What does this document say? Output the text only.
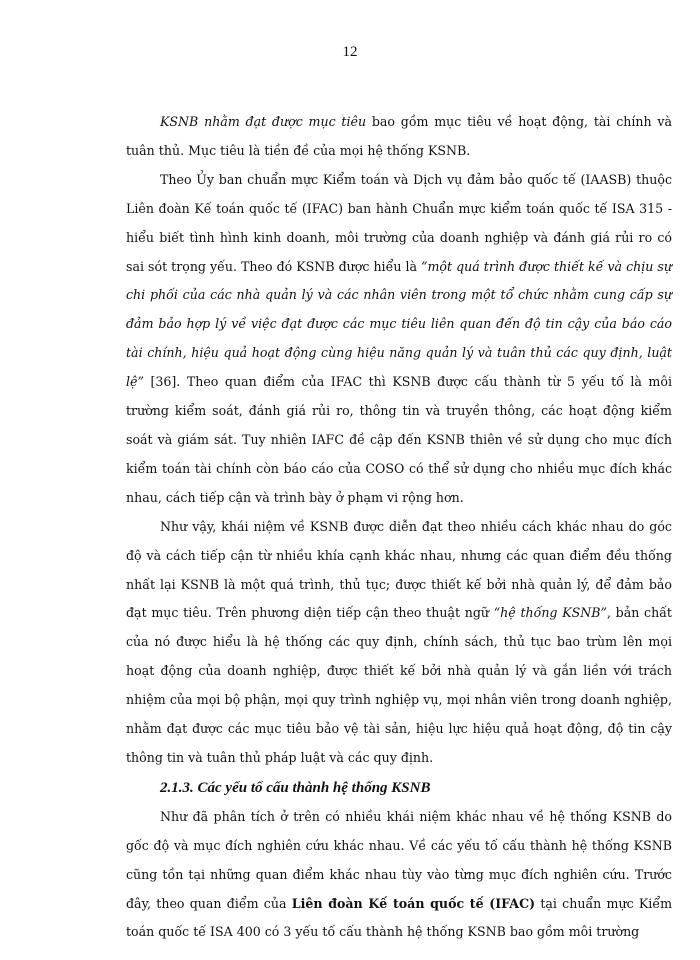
12

KSNB nhằm đạt được mục tiêu bao gồm mục tiêu về hoạt động, tài chính và tuân thủ. Mục tiêu là tiền đề của mọi hệ thống KSNB.

Theo Ủy ban chuẩn mực Kiểm toán và Dịch vụ đảm bảo quốc tế (IAASB) thuộc Liên đoàn Kế toán quốc tế (IFAC) ban hành Chuẩn mực kiểm toán quốc tế ISA 315 - hiểu biết tình hình kinh doanh, môi trường của doanh nghiệp và đánh giá rủi ro có sai sót trọng yếu. Theo đó KSNB được hiểu là “một quá trình được thiết kế và chịu sự chi phối của các nhà quản lý và các nhân viên trong một tổ chức nhằm cung cấp sự đảm bảo hợp lý về việc đạt được các mục tiêu liên quan đến độ tin cậy của báo cáo tài chính, hiệu quả hoạt động cùng hiệu năng quản lý và tuân thủ các quy định, luật lệ” [36]. Theo quan điểm của IFAC thì KSNB được cấu thành từ 5 yếu tố là môi trường kiểm soát, đánh giá rủi ro, thông tin và truyền thông, các hoạt động kiểm soát và giám sát. Tuy nhiên IAFC đề cập đến KSNB thiên về sử dụng cho mục đích kiểm toán tài chính còn báo cáo của COSO có thể sử dụng cho nhiều mục đích khác nhau, cách tiếp cận và trình bày ở phạm vi rộng hơn.

Như vậy, khái niệm về KSNB được diễn đạt theo nhiều cách khác nhau do góc độ và cách tiếp cận từ nhiều khía cạnh khác nhau, nhưng các quan điểm đều thống nhất lại KSNB là một quá trình, thủ tục; được thiết kế bởi nhà quản lý, để đảm bảo đạt mục tiêu. Trên phương diện tiếp cận theo thuật ngữ “hệ thống KSNB”, bản chất của nó được hiểu là hệ thống các quy định, chính sách, thủ tục bao trùm lên mọi hoạt động của doanh nghiệp, được thiết kế bởi nhà quản lý và gắn liền với trách nhiệm của mọi bộ phận, mọi quy trình nghiệp vụ, mọi nhân viên trong doanh nghiệp, nhằm đạt được các mục tiêu bảo vệ tài sản, hiệu lực hiệu quả hoạt động, độ tin cậy thông tin và tuân thủ pháp luật và các quy định.

2.1.3. Các yếu tố cấu thành hệ thống KSNB

Như đã phân tích ở trên có nhiều khái niệm khác nhau về hệ thống KSNB do gốc độ và mục đích nghiên cứu khác nhau. Về các yếu tố cấu thành hệ thống KSNB cũng tồn tại những quan điểm khác nhau tùy vào từng mục đích nghiên cứu. Trước đây, theo quan điểm của Liên đoàn Kế toán quốc tế (IFAC) tại chuẩn mực Kiểm toán quốc tế ISA 400 có 3 yếu tố cấu thành hệ thống KSNB bao gồm môi trường
